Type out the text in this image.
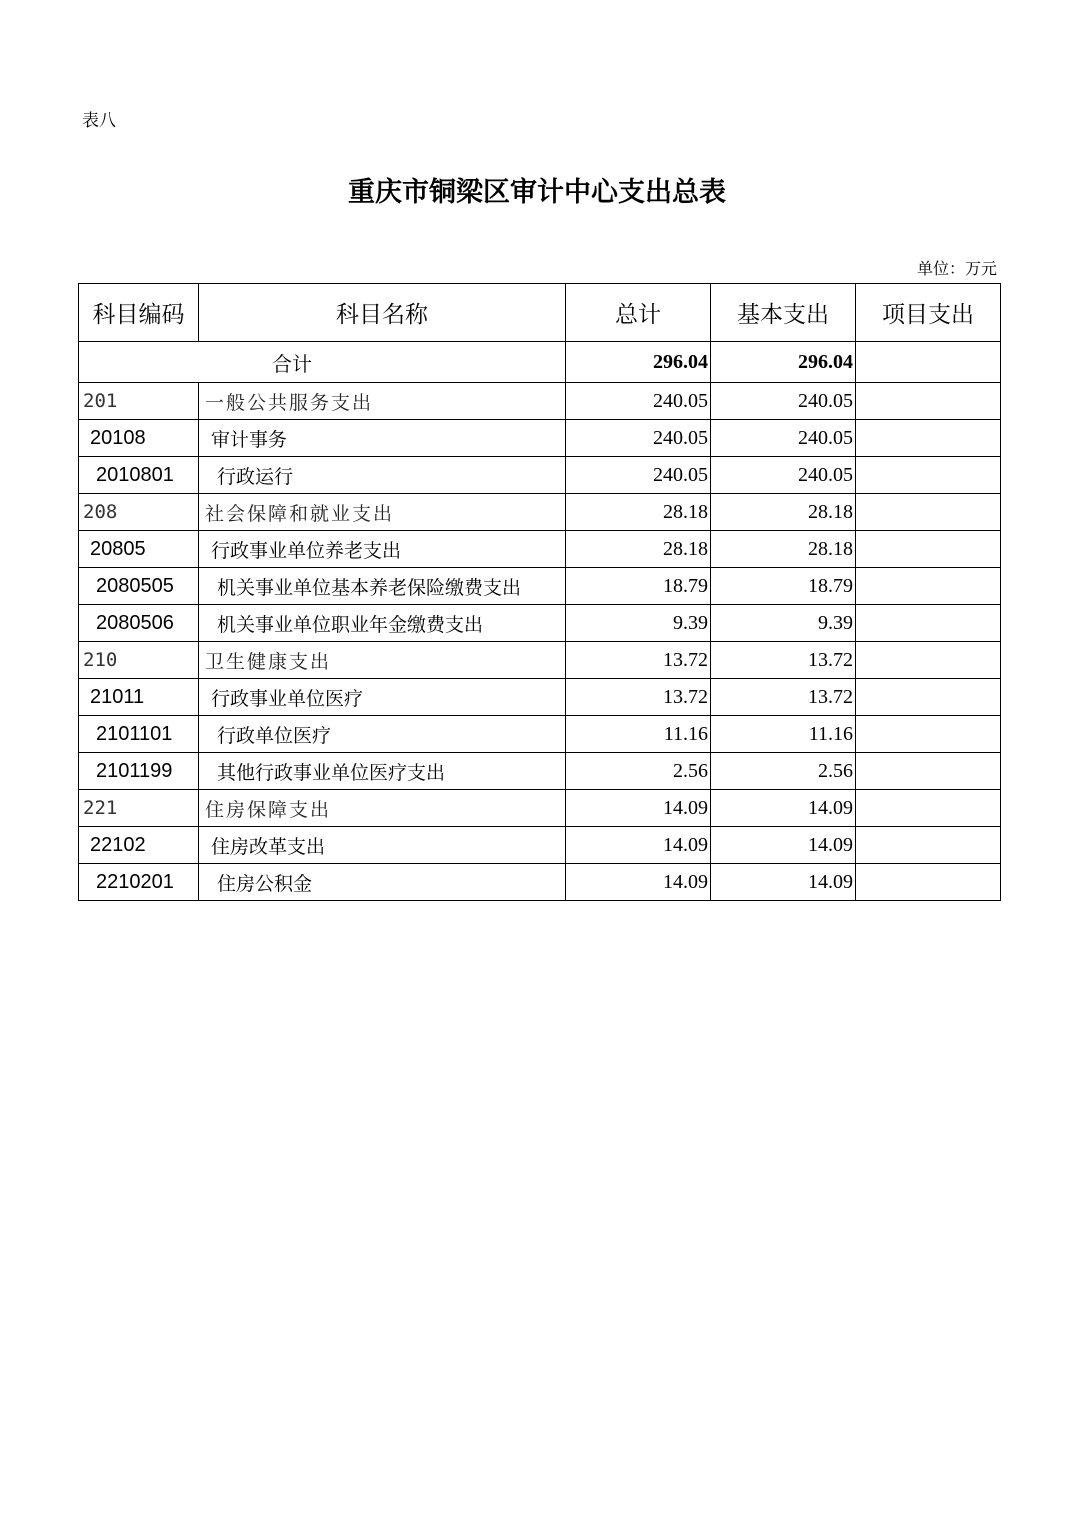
表八
重庆市铜梁区审计中心支出总表
单位：万元
科目编码	科目名称	总计	基本支出	项目支出
合计		296.04	296.04	
201	一般公共服务支出	240.05	240.05	
20108	审计事务	240.05	240.05	
2010801	行政运行	240.05	240.05	
208	社会保障和就业支出	28.18	28.18	
20805	行政事业单位养老支出	28.18	28.18	
2080505	机关事业单位基本养老保险缴费支出	18.79	18.79	
2080506	机关事业单位职业年金缴费支出	9.39	9.39	
210	卫生健康支出	13.72	13.72	
21011	行政事业单位医疗	13.72	13.72	
2101101	行政单位医疗	11.16	11.16	
2101199	其他行政事业单位医疗支出	2.56	2.56	
221	住房保障支出	14.09	14.09	
22102	住房改革支出	14.09	14.09	
2210201	住房公积金	14.09	14.09	
